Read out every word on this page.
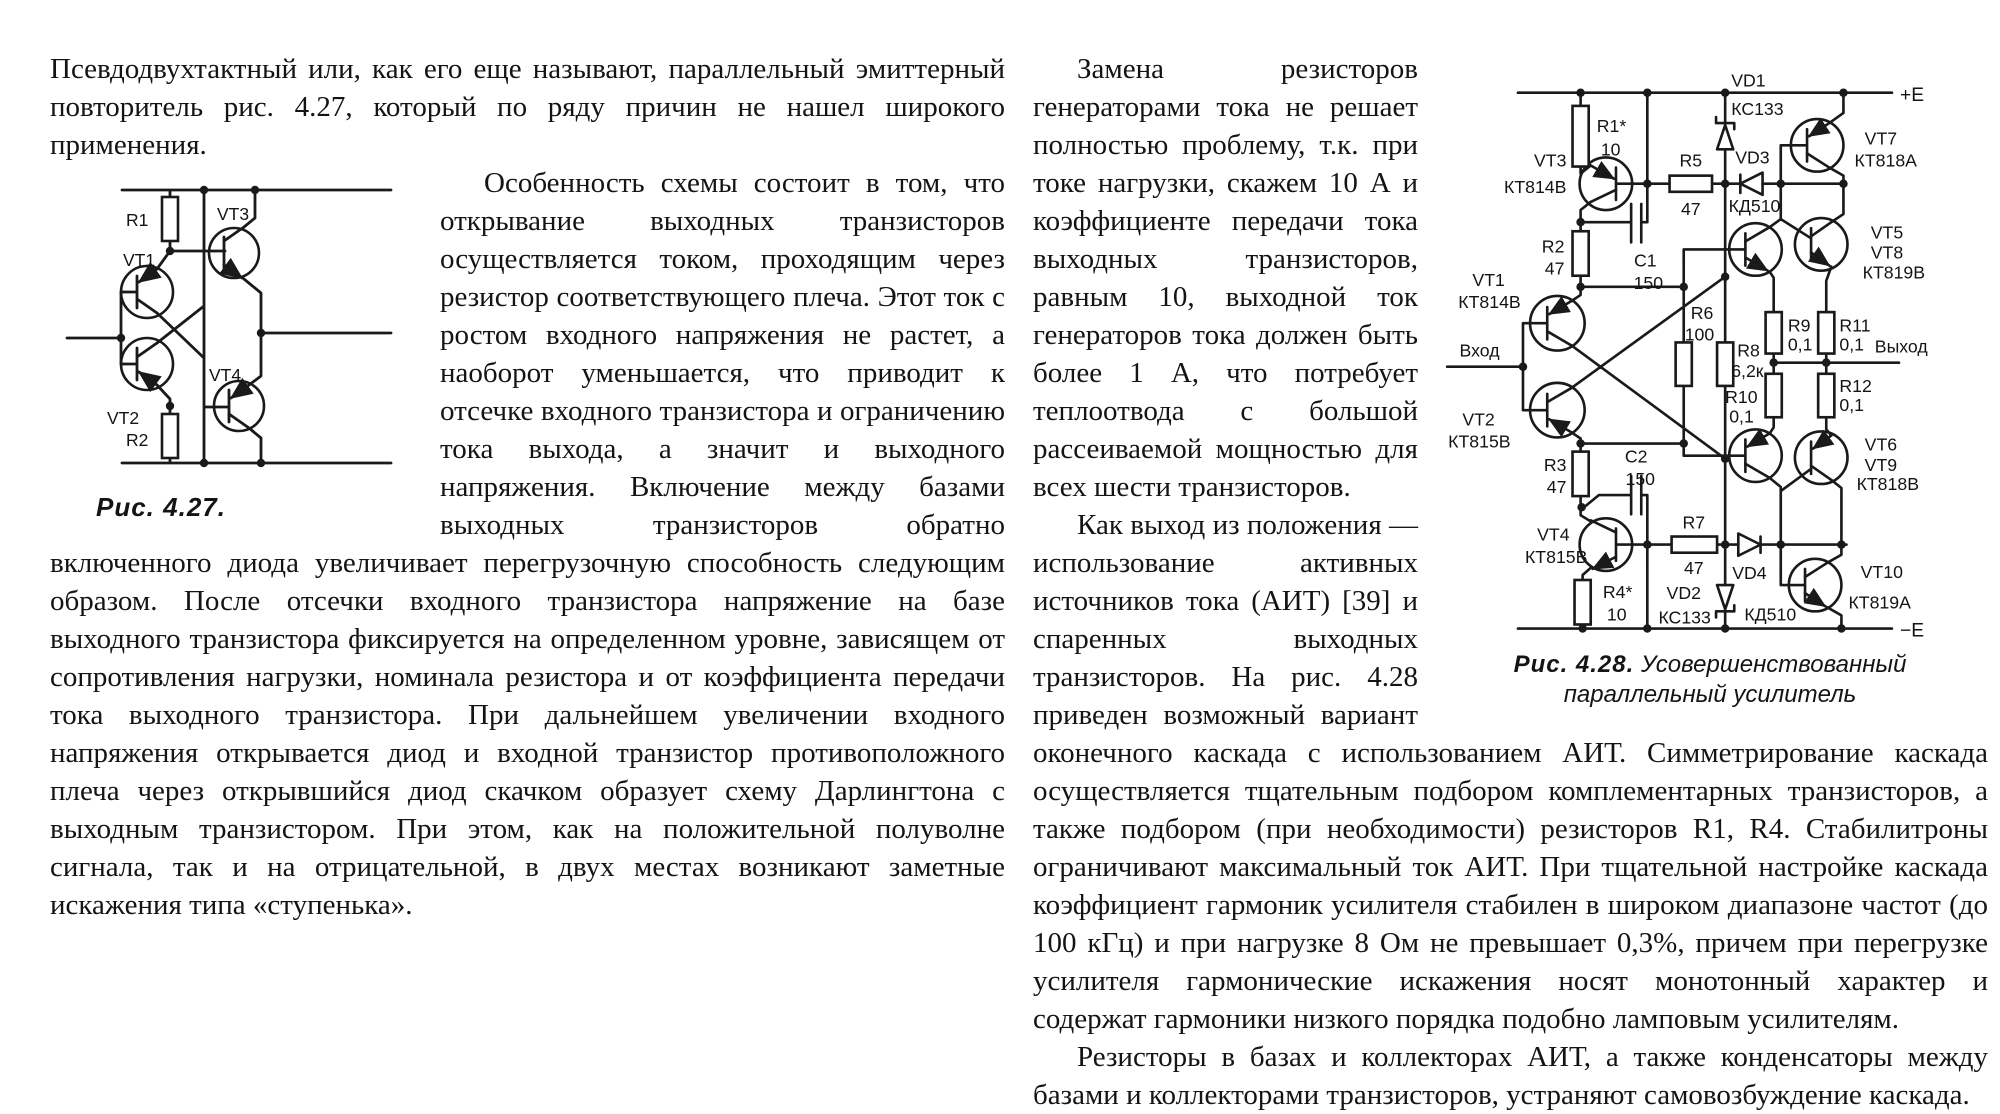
Псевдодвухтактный или, как его еще называют, параллельный эмиттерный повторитель рис. 4.27, который по ряду причин не нашел широкого применения.

R1
VT1
VT3
VT2
R2
VT4
Рис. 4.27.

Особенность схемы состоит в том, что открывание выходных транзисторов осуществляется током, проходящим через резистор соответствующего плеча. Этот ток с ростом входного напряжения не растет, а наоборот уменьшается, что приводит к отсечке входного транзистора и ограничению тока выхода, а значит и выходного напряжения. Включение между базами выходных транзисторов обратно включенного диода увеличивает перегрузочную способность следующим образом. После отсечки входного транзистора напряжение на базе выходного транзистора фиксируется на определенном уровне, зависящем от сопротивления нагрузки, номинала резистора и от коэффициента передачи тока выходного транзистора. При дальнейшем увеличении входного напряжения открывается диод и входной транзистор противоположного плеча через открывшийся диод скачком образует схему Дарлингтона с выходным транзистором. При этом, как на положительной полуволне сигнала, так и на отрицательной, в двух местах возникают заметные искажения типа «ступенька».

+E
−E
Вход	Выход
VD1
КС133
VD3
КД510
R5
47
R1*
10
VT3
КТ814В
R2
47	C1
150
VT1
КТ814В
VT2
КТ815В
R3
47
C2
150
VT4
КТ815В
R4*
10
VD2
КС133
R7
47 VD4
КД510
R6
100
R8
6,2к
VT7
КТ818А
VT5
VT8
КТ819В
R9
0,1
R11
0,1
R12
0,1
R10
0,1
VT6
VT9
КТ818В
VT10
КТ819А
Рис. 4.28. Усовершенствованный параллельный усилитель

Замена резисторов генераторами тока не решает полностью проблему, т.к. при токе нагрузки, скажем 10 А и коэффициенте передачи тока выходных транзисторов, равным 10, выходной ток генераторов тока должен быть более 1 А, что потребует теплоотвода с большой рассеиваемой мощностью для всех шести транзисторов.

Как выход из положения — использование активных источников тока (АИТ) [39] и спаренных выходных транзисторов. На рис. 4.28 приведен возможный вариант оконечного каскада с использованием АИТ. Симметрирование каскада осуществляется тщательным подбором комплементарных транзисторов, а также подбором (при необходимости) резисторов R1, R4. Стабилитроны ограничивают максимальный ток АИТ. При тщательной настройке каскада коэффициент гармоник усилителя стабилен в широком диапазоне частот (до 100 кГц) и при нагрузке 8 Ом не превышает 0,3%, причем при перегрузке усилителя гармонические искажения носят монотонный характер и содержат гармоники низкого порядка подобно ламповым усилителям.

Резисторы в базах и коллекторах АИТ, а также конденсаторы между базами и коллекторами транзисторов, устраняют самовозбуждение каскада.
